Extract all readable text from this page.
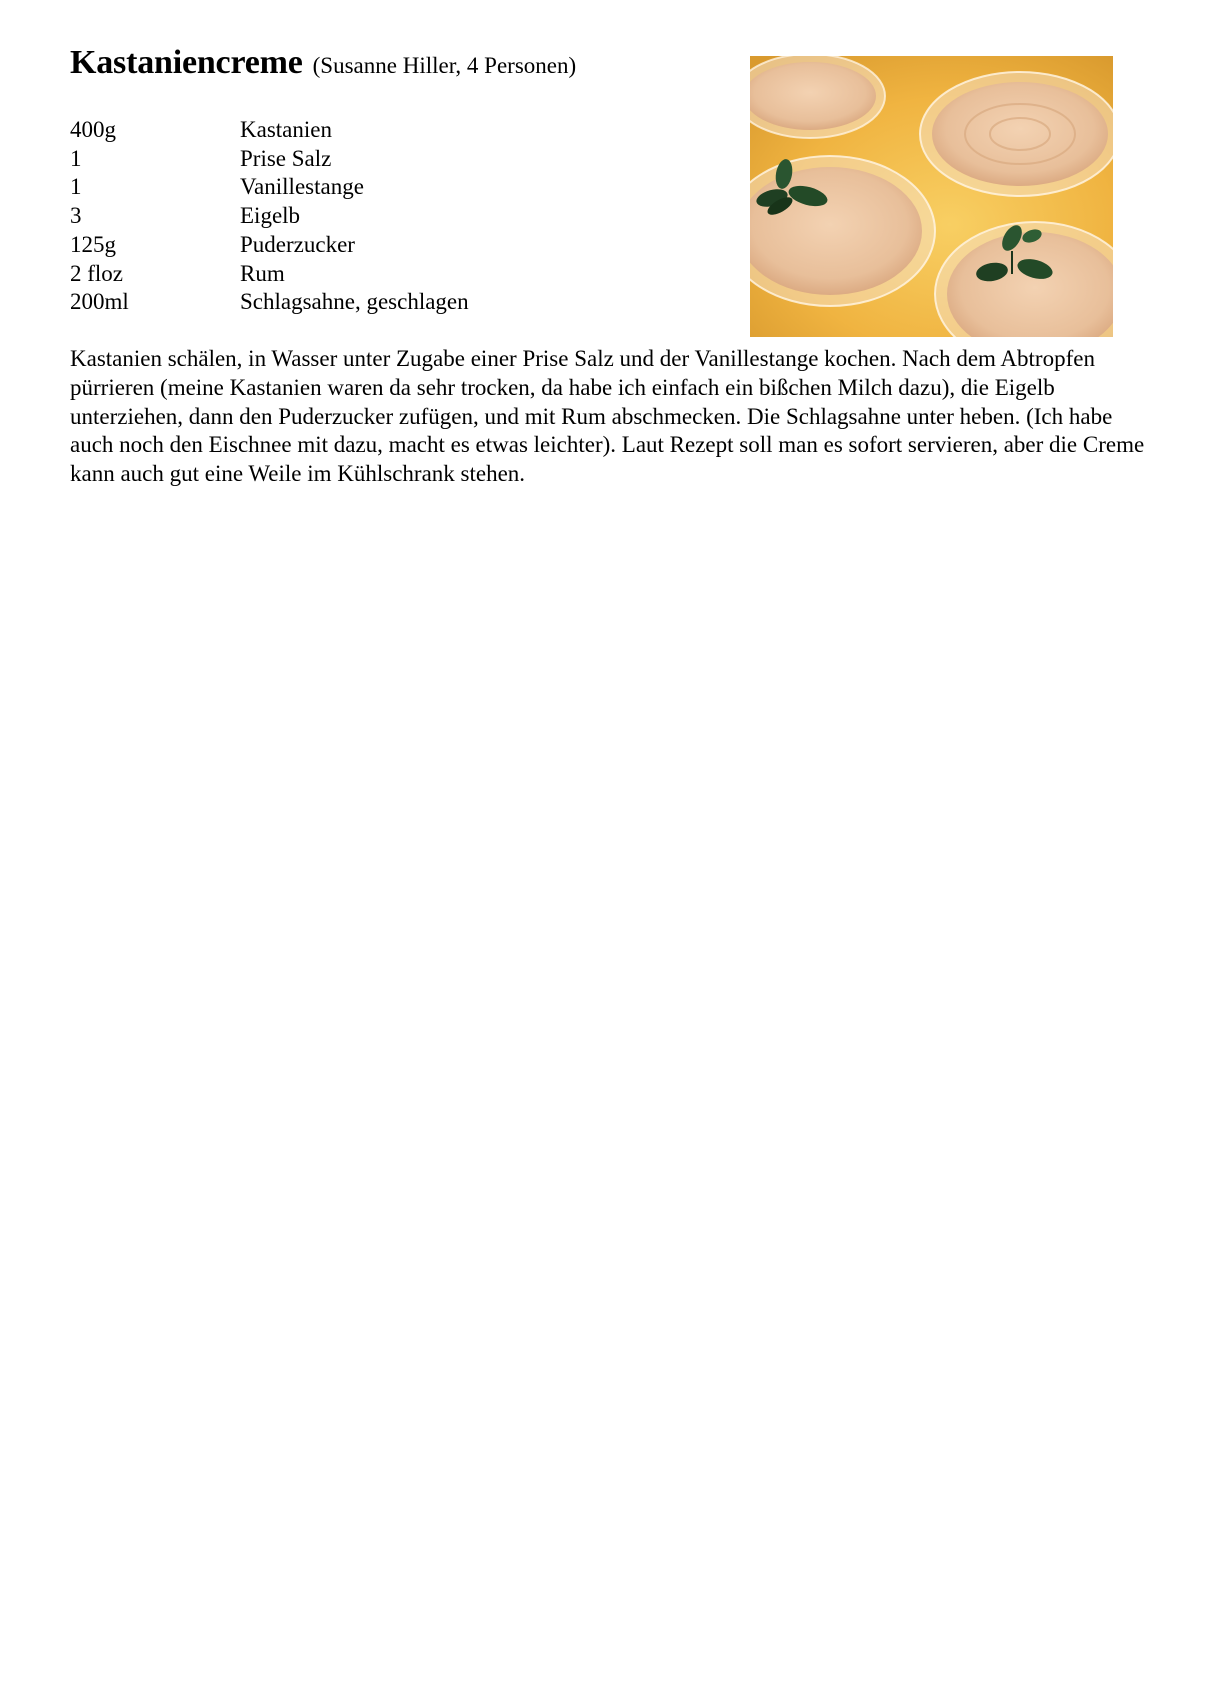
Kastaniencreme (Susanne Hiller, 4 Personen)
400g	Kastanien
1	Prise Salz
1	Vanillestange
3	Eigelb
125g	Puderzucker
2 floz	Rum
200ml	Schlagsahne, geschlagen

Kastanien schälen, in Wasser unter Zugabe einer Prise Salz und der Vanillestange kochen. Nach dem Abtropfen pürrieren (meine Kastanien waren da sehr trocken, da habe ich einfach ein bißchen Milch dazu), die Eigelb unterziehen, dann den Puderzucker zufügen, und mit Rum abschmecken. Die Schlagsahne unter heben. (Ich habe auch noch den Eischnee mit dazu, macht es etwas leichter). Laut Rezept soll man es sofort servieren, aber die Creme kann auch gut eine Weile im Kühlschrank stehen.
